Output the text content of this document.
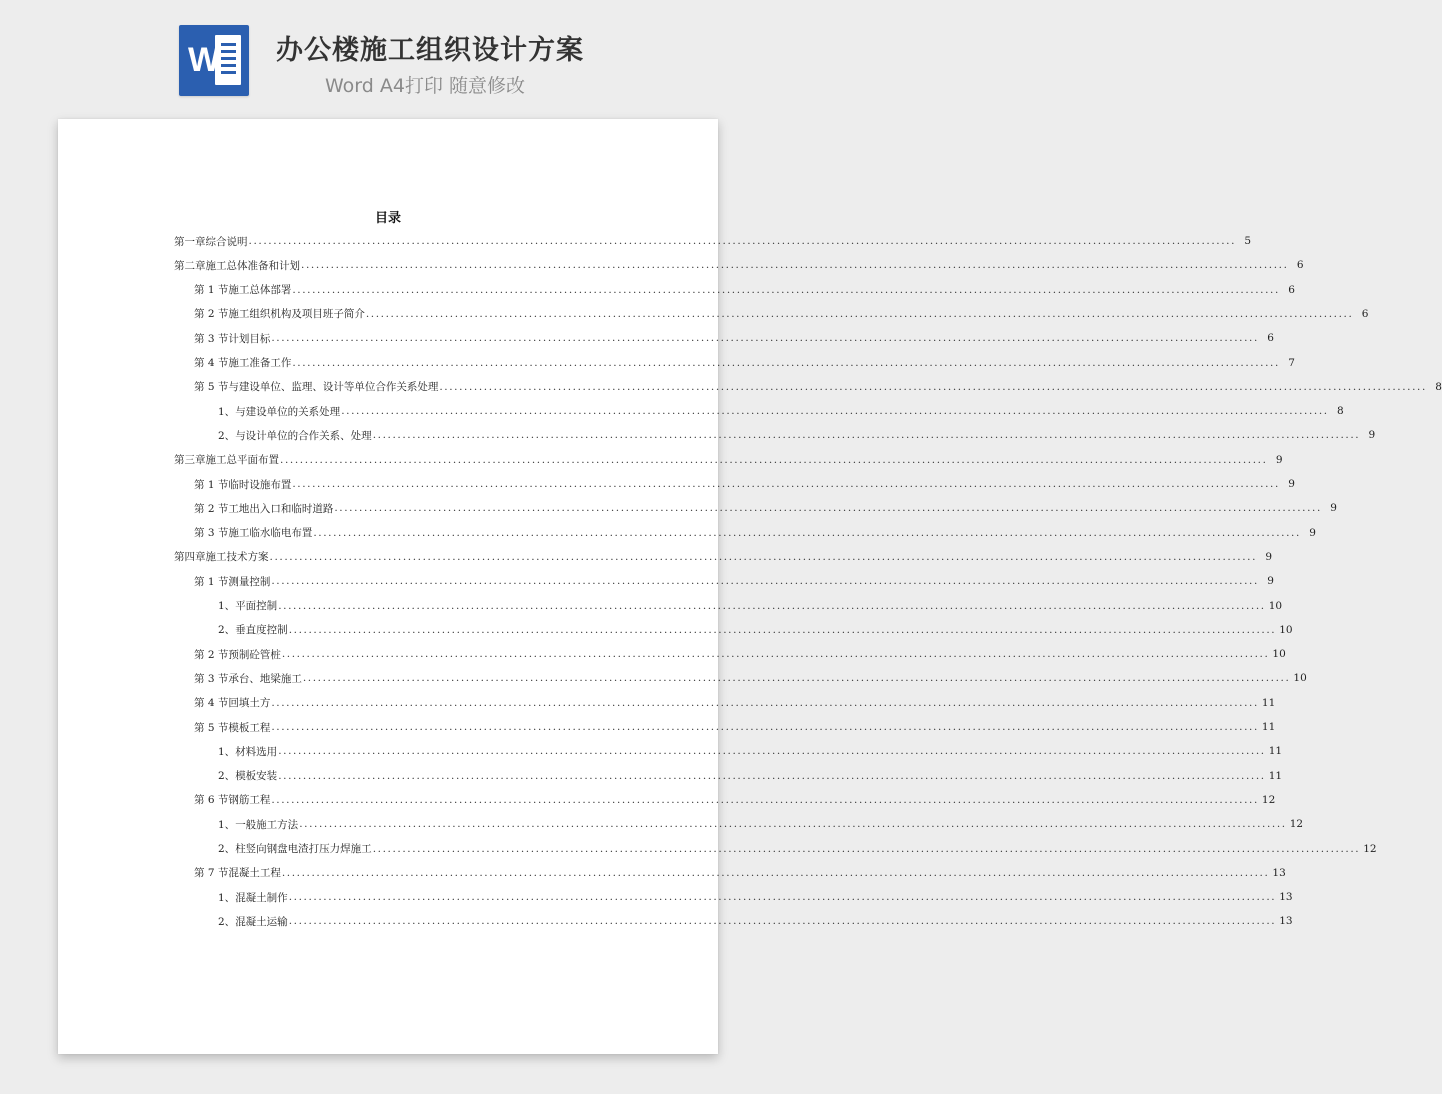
W 办公楼施工组织设计方案
Word A4打印 随意修改
目录
第一章 综合说明 ........................................................................................................................................................................................................ 5
第二章 施工总体准备和计划 ........................................................................................................................................................................................................ 6
第 1 节 施工总体部署 ........................................................................................................................................................................................................ 6
第 2 节 施工组织机构及项目班子简介 ........................................................................................................................................................................................................ 6
第 3 节 计划目标 ........................................................................................................................................................................................................ 6
第 4 节 施工准备工作 ........................................................................................................................................................................................................ 7
第 5 节 与建设单位、监理、设计等单位合作关系处理 ........................................................................................................................................................................................................ 8
1、 与建设单位的关系处理 ........................................................................................................................................................................................................ 8
2、 与设计单位的合作关系、处理 ........................................................................................................................................................................................................ 9
第三章 施工总平面布置 ........................................................................................................................................................................................................ 9
第 1 节 临时设施布置 ........................................................................................................................................................................................................ 9
第 2 节 工地出入口和临时道路 ........................................................................................................................................................................................................ 9
第 3 节 施工临水临电布置 ........................................................................................................................................................................................................ 9
第四章 施工技术方案 ........................................................................................................................................................................................................ 9
第 1 节 测量控制 ........................................................................................................................................................................................................ 9
1、 平面控制 ........................................................................................................................................................................................................ 10
2、 垂直度控制 ........................................................................................................................................................................................................ 10
第 2 节 预制砼管桩 ........................................................................................................................................................................................................ 10
第 3 节 承台、地梁施工 ........................................................................................................................................................................................................ 10
第 4 节 回填土方 ........................................................................................................................................................................................................ 11
第 5 节 模板工程 ........................................................................................................................................................................................................ 11
1、 材料选用 ........................................................................................................................................................................................................ 11
2、 模板安装 ........................................................................................................................................................................................................ 11
第 6 节 钢筋工程 ........................................................................................................................................................................................................ 12
1、 一般施工方法 ........................................................................................................................................................................................................ 12
2、 柱竖向钢盘电渣打压力焊施工 ........................................................................................................................................................................................................ 12
第 7 节 混凝土工程 ........................................................................................................................................................................................................ 13
1、 混凝土制作 ........................................................................................................................................................................................................ 13
2、 混凝土运输 ........................................................................................................................................................................................................ 13
